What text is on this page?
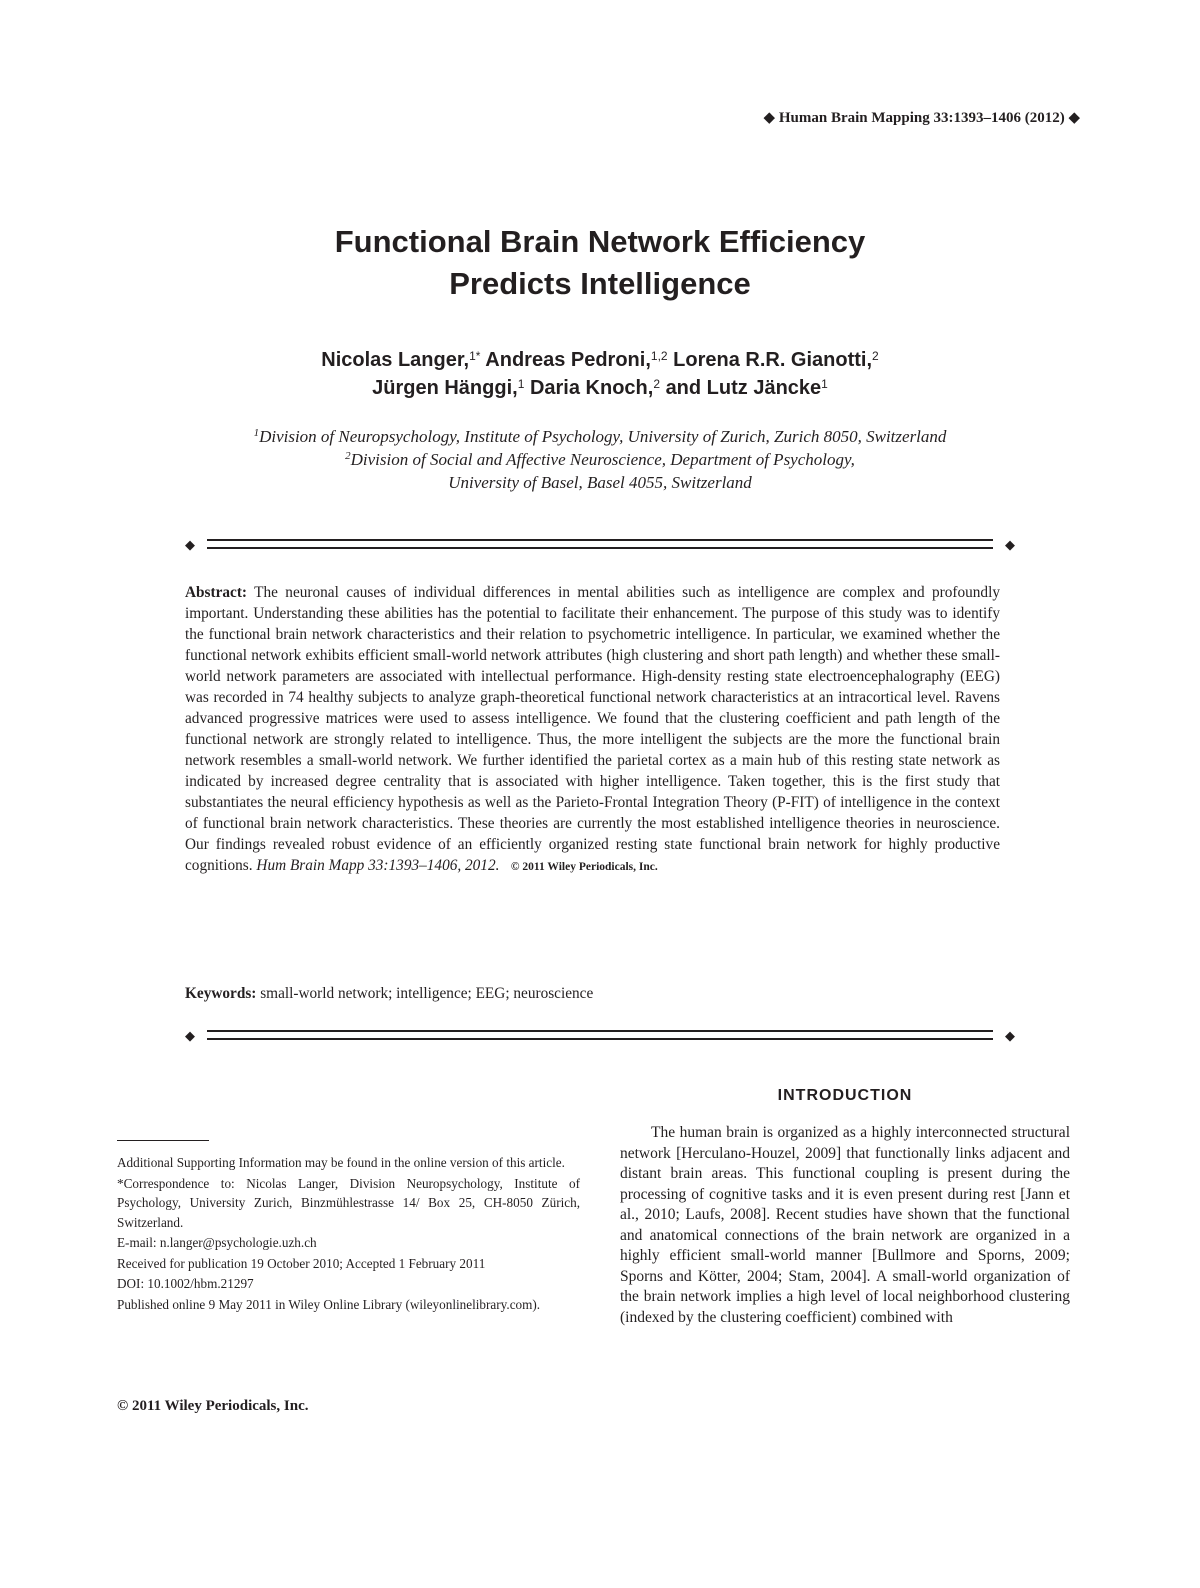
◆ Human Brain Mapping 33:1393–1406 (2012) ◆
Functional Brain Network Efficiency
Predicts Intelligence
Nicolas Langer,$^{1*}$ Andreas Pedroni,$^{1,2}$ Lorena R.R. Gianotti,$^2$
Jürgen Hänggi,$^1$ Daria Knoch,$^2$ and Lutz Jäncke$^1$
$^1$Division of Neuropsychology, Institute of Psychology, University of Zurich, Zurich 8050, Switzerland
$^2$Division of Social and Affective Neuroscience, Department of Psychology,
University of Basel, Basel 4055, Switzerland
◆	◆
Abstract: The neuronal causes of individual differences in mental abilities such as intelligence are complex and profoundly important. Understanding these abilities has the potential to facilitate their enhancement. The purpose of this study was to identify the functional brain network characteristics and their relation to psychometric intelligence. In particular, we examined whether the functional network exhibits efficient small-world network attributes (high clustering and short path length) and whether these small-world network parameters are associated with intellectual performance. High-density resting state electroencephalography (EEG) was recorded in 74 healthy subjects to analyze graph-theoretical functional network characteristics at an intracortical level. Ravens advanced progressive matrices were used to assess intelligence. We found that the clustering coefficient and path length of the functional network are strongly related to intelligence. Thus, the more intelligent the subjects are the more the functional brain network resembles a small-world network. We further identified the parietal cortex as a main hub of this resting state network as indicated by increased degree centrality that is associated with higher intelligence. Taken together, this is the first study that substantiates the neural efficiency hypothesis as well as the Parieto-Frontal Integration Theory (P-FIT) of intelligence in the context of functional brain network characteristics. These theories are currently the most established intelligence theories in neuroscience. Our findings revealed robust evidence of an efficiently organized resting state functional brain network for highly productive cognitions. Hum Brain Mapp 33:1393–1406, 2012. © 2011 Wiley Periodicals, Inc.
Keywords: small-world network; intelligence; EEG; neuroscience
◆	◆
INTRODUCTION

The human brain is organized as a highly interconnected structural network [Herculano-Houzel, 2009] that functionally links adjacent and distant brain areas. This functional coupling is present during the processing of cognitive tasks and it is even present during rest [Jann et al., 2010; Laufs, 2008]. Recent studies have shown that the functional and anatomical connections of the brain network are organized in a highly efficient small-world manner [Bullmore and Sporns, 2009; Sporns and Kötter, 2004; Stam, 2004]. A small-world organization of the brain network implies a high level of local neighborhood clustering (indexed by the clustering coefficient) combined with

Additional Supporting Information may be found in the online version of this article.

*Correspondence to: Nicolas Langer, Division Neuropsychology, Institute of Psychology, University Zurich, Binzmühlestrasse 14/ Box 25, CH-8050 Zürich, Switzerland.

E-mail: n.langer@psychologie.uzh.ch

Received for publication 19 October 2010; Accepted 1 February 2011

DOI: 10.1002/hbm.21297

Published online 9 May 2011 in Wiley Online Library (wileyonlinelibrary.com).

© 2011 Wiley Periodicals, Inc.
